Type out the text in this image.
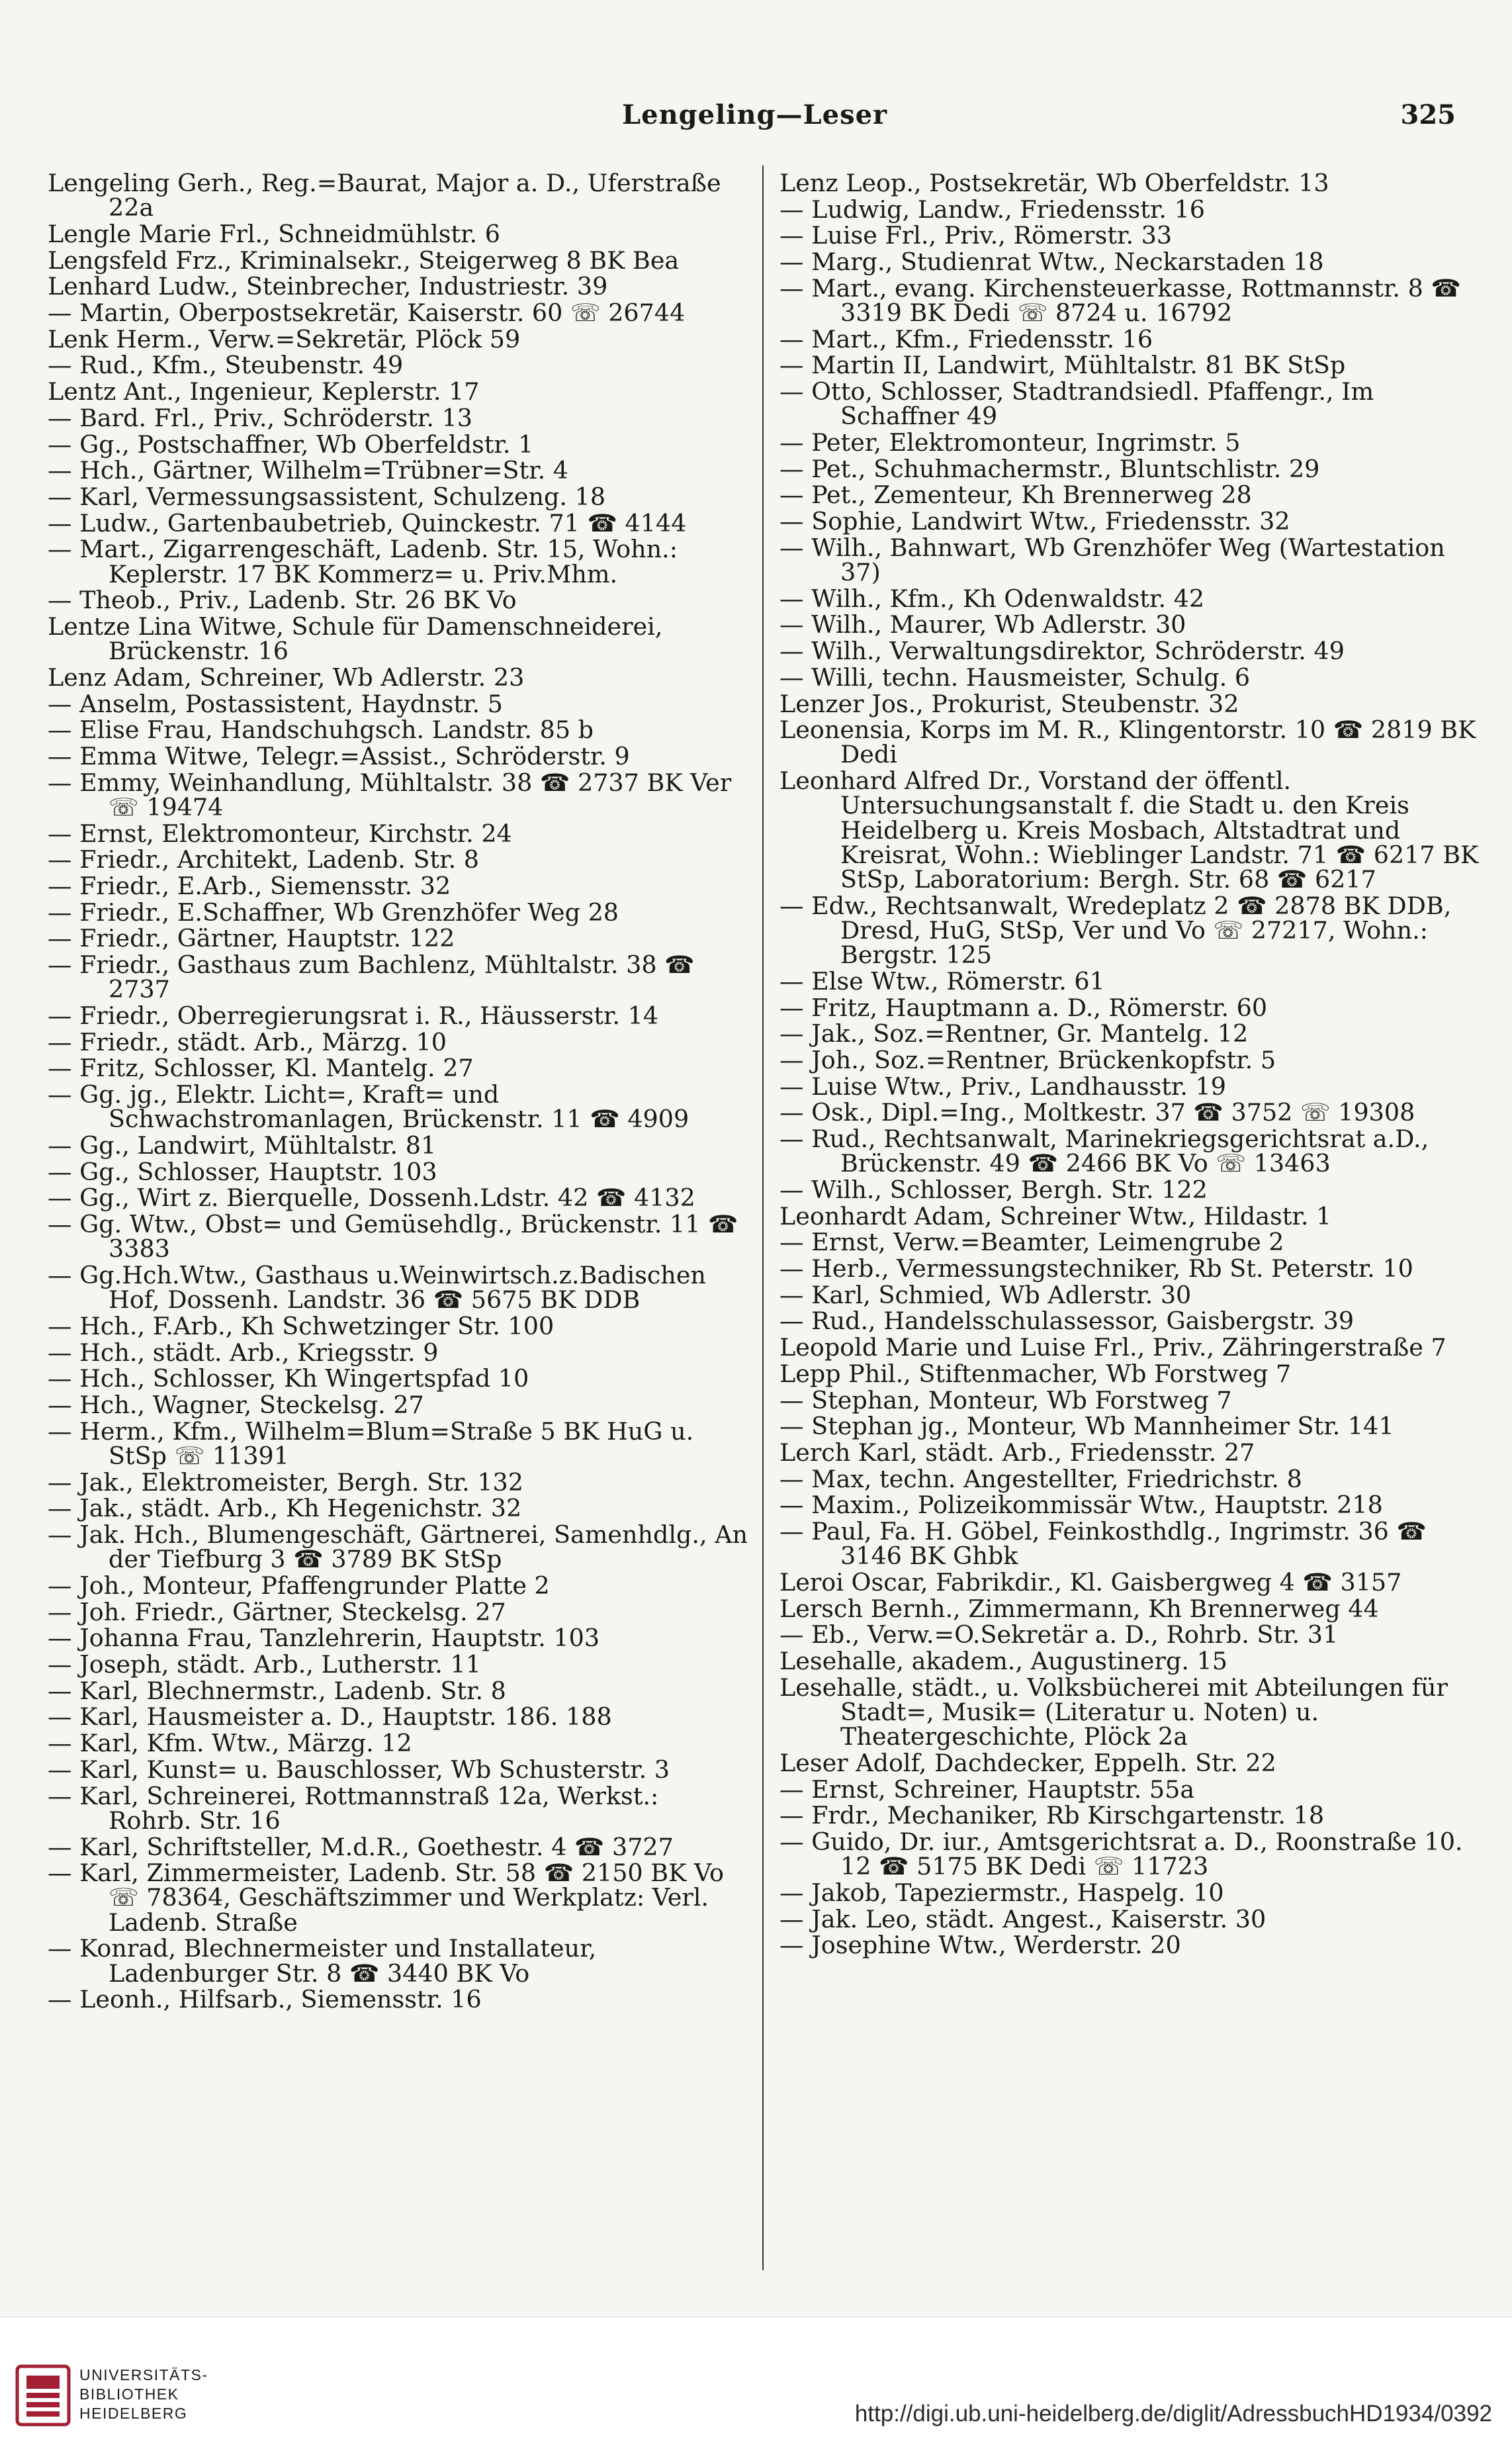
Lengeling—Leser	325
Lengeling Gerh., Reg.=Baurat, Major a. D., Uferstraße 22a
Lengle Marie Frl., Schneidmühlstr. 6
Lengsfeld Frz., Kriminalsekr., Steigerweg 8 BK Bea
Lenhard Ludw., Steinbrecher, Industriestr. 39
— Martin, Oberpostsekretär, Kaiserstr. 60 ☏ 26744
Lenk Herm., Verw.=Sekretär, Plöck 59
— Rud., Kfm., Steubenstr. 49
Lentz Ant., Ingenieur, Keplerstr. 17
— Bard. Frl., Priv., Schröderstr. 13
— Gg., Postschaffner, Wb Oberfeldstr. 1
— Hch., Gärtner, Wilhelm=Trübner=Str. 4
— Karl, Vermessungsassistent, Schulzeng. 18
— Ludw., Gartenbaubetrieb, Quinckestr. 71 ☎ 4144
— Mart., Zigarrengeschäft, Ladenb. Str. 15, Wohn.: Keplerstr. 17 BK Kommerz= u. Priv.Mhm.
— Theob., Priv., Ladenb. Str. 26 BK Vo
Lentze Lina Witwe, Schule für Damenschneiderei, Brückenstr. 16
Lenz Adam, Schreiner, Wb Adlerstr. 23
— Anselm, Postassistent, Haydnstr. 5
— Elise Frau, Handschuhgsch. Landstr. 85 b
— Emma Witwe, Telegr.=Assist., Schröderstr. 9
— Emmy, Weinhandlung, Mühltalstr. 38 ☎ 2737 BK Ver ☏ 19474
— Ernst, Elektromonteur, Kirchstr. 24
— Friedr., Architekt, Ladenb. Str. 8
— Friedr., E.Arb., Siemensstr. 32
— Friedr., E.Schaffner, Wb Grenzhöfer Weg 28
— Friedr., Gärtner, Hauptstr. 122
— Friedr., Gasthaus zum Bachlenz, Mühltalstr. 38 ☎ 2737
— Friedr., Oberregierungsrat i. R., Häusserstr. 14
— Friedr., städt. Arb., Märzg. 10
— Fritz, Schlosser, Kl. Mantelg. 27
— Gg. jg., Elektr. Licht=, Kraft= und Schwachstromanlagen, Brückenstr. 11 ☎ 4909
— Gg., Landwirt, Mühltalstr. 81
— Gg., Schlosser, Hauptstr. 103
— Gg., Wirt z. Bierquelle, Dossenh.Ldstr. 42 ☎ 4132
— Gg. Wtw., Obst= und Gemüsehdlg., Brückenstr. 11 ☎ 3383
— Gg.Hch.Wtw., Gasthaus u.Weinwirtsch.z.Badischen Hof, Dossenh. Landstr. 36 ☎ 5675 BK DDB
— Hch., F.Arb., Kh Schwetzinger Str. 100
— Hch., städt. Arb., Kriegsstr. 9
— Hch., Schlosser, Kh Wingertspfad 10
— Hch., Wagner, Steckelsg. 27
— Herm., Kfm., Wilhelm=Blum=Straße 5 BK HuG u. StSp ☏ 11391
— Jak., Elektromeister, Bergh. Str. 132
— Jak., städt. Arb., Kh Hegenichstr. 32
— Jak. Hch., Blumengeschäft, Gärtnerei, Samenhdlg., An der Tiefburg 3 ☎ 3789 BK StSp
— Joh., Monteur, Pfaffengrunder Platte 2
— Joh. Friedr., Gärtner, Steckelsg. 27
— Johanna Frau, Tanzlehrerin, Hauptstr. 103
— Joseph, städt. Arb., Lutherstr. 11
— Karl, Blechnermstr., Ladenb. Str. 8
— Karl, Hausmeister a. D., Hauptstr. 186. 188
— Karl, Kfm. Wtw., Märzg. 12
— Karl, Kunst= u. Bauschlosser, Wb Schusterstr. 3
— Karl, Schreinerei, Rottmannstraß 12a, Werkst.: Rohrb. Str. 16
— Karl, Schriftsteller, M.d.R., Goethestr. 4 ☎ 3727
— Karl, Zimmermeister, Ladenb. Str. 58 ☎ 2150 BK Vo ☏ 78364, Geschäftszimmer und Werkplatz: Verl. Ladenb. Straße
— Konrad, Blechnermeister und Installateur, Ladenburger Str. 8 ☎ 3440 BK Vo
— Leonh., Hilfsarb., Siemensstr. 16
Lenz Leop., Postsekretär, Wb Oberfeldstr. 13
— Ludwig, Landw., Friedensstr. 16
— Luise Frl., Priv., Römerstr. 33
— Marg., Studienrat Wtw., Neckarstaden 18
— Mart., evang. Kirchensteuerkasse, Rottmannstr. 8 ☎ 3319 BK Dedi ☏ 8724 u. 16792
— Mart., Kfm., Friedensstr. 16
— Martin II, Landwirt, Mühltalstr. 81 BK StSp
— Otto, Schlosser, Stadtrandsiedl. Pfaffengr., Im Schaffner 49
— Peter, Elektromonteur, Ingrimstr. 5
— Pet., Schuhmachermstr., Bluntschlistr. 29
— Pet., Zementeur, Kh Brennerweg 28
— Sophie, Landwirt Wtw., Friedensstr. 32
— Wilh., Bahnwart, Wb Grenzhöfer Weg (Wartestation 37)
— Wilh., Kfm., Kh Odenwaldstr. 42
— Wilh., Maurer, Wb Adlerstr. 30
— Wilh., Verwaltungsdirektor, Schröderstr. 49
— Willi, techn. Hausmeister, Schulg. 6
Lenzer Jos., Prokurist, Steubenstr. 32
Leonensia, Korps im M. R., Klingentorstr. 10 ☎ 2819 BK Dedi
Leonhard Alfred Dr., Vorstand der öffentl. Untersuchungsanstalt f. die Stadt u. den Kreis Heidelberg u. Kreis Mosbach, Altstadtrat und Kreisrat, Wohn.: Wieblinger Landstr. 71 ☎ 6217 BK StSp, Laboratorium: Bergh. Str. 68 ☎ 6217
— Edw., Rechtsanwalt, Wredeplatz 2 ☎ 2878 BK DDB, Dresd, HuG, StSp, Ver und Vo ☏ 27217, Wohn.: Bergstr. 125
— Else Wtw., Römerstr. 61
— Fritz, Hauptmann a. D., Römerstr. 60
— Jak., Soz.=Rentner, Gr. Mantelg. 12
— Joh., Soz.=Rentner, Brückenkopfstr. 5
— Luise Wtw., Priv., Landhausstr. 19
— Osk., Dipl.=Ing., Moltkestr. 37 ☎ 3752 ☏ 19308
— Rud., Rechtsanwalt, Marinekriegsgerichtsrat a.D., Brückenstr. 49 ☎ 2466 BK Vo ☏ 13463
— Wilh., Schlosser, Bergh. Str. 122
Leonhardt Adam, Schreiner Wtw., Hildastr. 1
— Ernst, Verw.=Beamter, Leimengrube 2
— Herb., Vermessungstechniker, Rb St. Peterstr. 10
— Karl, Schmied, Wb Adlerstr. 30
— Rud., Handelsschulassessor, Gaisbergstr. 39
Leopold Marie und Luise Frl., Priv., Zähringerstraße 7
Lepp Phil., Stiftenmacher, Wb Forstweg 7
— Stephan, Monteur, Wb Forstweg 7
— Stephan jg., Monteur, Wb Mannheimer Str. 141
Lerch Karl, städt. Arb., Friedensstr. 27
— Max, techn. Angestellter, Friedrichstr. 8
— Maxim., Polizeikommissär Wtw., Hauptstr. 218
— Paul, Fa. H. Göbel, Feinkosthdlg., Ingrimstr. 36 ☎ 3146 BK Ghbk
Leroi Oscar, Fabrikdir., Kl. Gaisbergweg 4 ☎ 3157
Lersch Bernh., Zimmermann, Kh Brennerweg 44
— Eb., Verw.=O.Sekretär a. D., Rohrb. Str. 31
Lesehalle, akadem., Augustinerg. 15
Lesehalle, städt., u. Volksbücherei mit Abteilungen für Stadt=, Musik= (Literatur u. Noten) u. Theatergeschichte, Plöck 2a
Leser Adolf, Dachdecker, Eppelh. Str. 22
— Ernst, Schreiner, Hauptstr. 55a
— Frdr., Mechaniker, Rb Kirschgartenstr. 18
— Guido, Dr. iur., Amtsgerichtsrat a. D., Roonstraße 10. 12 ☎ 5175 BK Dedi ☏ 11723
— Jakob, Tapeziermstr., Haspelg. 10
— Jak. Leo, städt. Angest., Kaiserstr. 30
— Josephine Wtw., Werderstr. 20
UNIVERSITÄTS-
BIBLIOTHEK
HEIDELBERG	http://digi.ub.uni-heidelberg.de/diglit/AdressbuchHD1934/0392
